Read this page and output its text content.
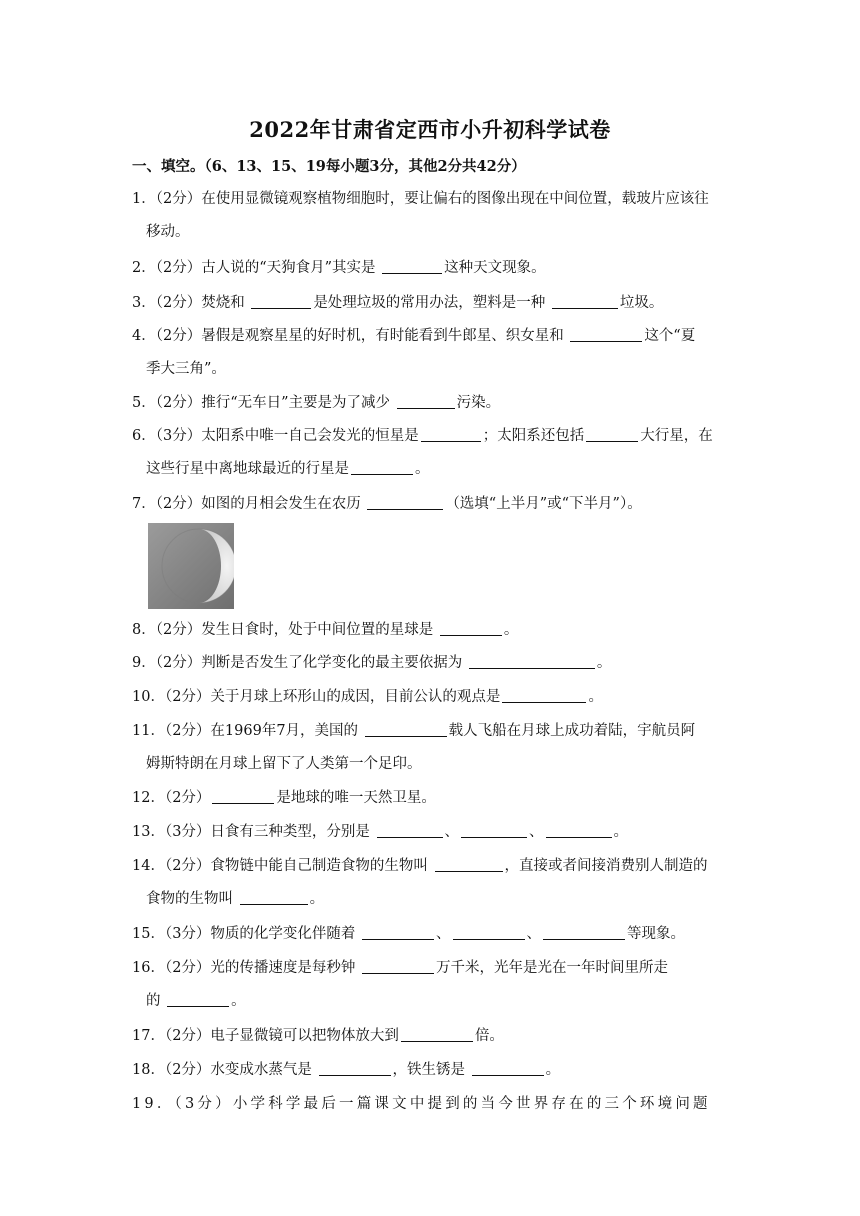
2022年甘肃省定西市小升初科学试卷
一、填空。（6、13、15、19每小题3分，其他2分共42分）
1．（2分）在使用显微镜观察植物细胞时，要让偏右的图像出现在中间位置，载玻片应该往
移动。
2．（2分）古人说的“天狗食月”其实是	这种天文现象。
3．（2分）焚烧和	是处理垃圾的常用办法，塑料是一种	垃圾。
4．（2分）暑假是观察星星的好时机，有时能看到牛郎星、织女星和	这个“夏
季大三角”。
5．（2分）推行“无车日”主要是为了减少	污染。
6．（3分）太阳系中唯一自己会发光的恒星是	；太阳系还包括	大行星，在
这些行星中离地球最近的行星是	。
7．（2分）如图的月相会发生在农历	（选填“上半月”或“下半月”）。
8．（2分）发生日食时，处于中间位置的星球是	。
9．（2分）判断是否发生了化学变化的最主要依据为	。
10．（2分）关于月球上环形山的成因，目前公认的观点是	。
11．（2分）在1969年7月，美国的	载人飞船在月球上成功着陆，宇航员阿
姆斯特朗在月球上留下了人类第一个足印。
12．（2分）	是地球的唯一天然卫星。
13．（3分）日食有三种类型，分别是	、	、	。
14．（2分）食物链中能自己制造食物的生物叫	，直接或者间接消费别人制造的
食物的生物叫	。
15．（3分）物质的化学变化伴随着	、	、	等现象。
16．（2分）光的传播速度是每秒钟	万千米，光年是光在一年时间里所走
的	。
17．（2分）电子显微镜可以把物体放大到	倍。
18．（2分）水变成水蒸气是	，铁生锈是	。
19．（3分）小学科学最后一篇课文中提到的当今世界存在的三个环境问题
